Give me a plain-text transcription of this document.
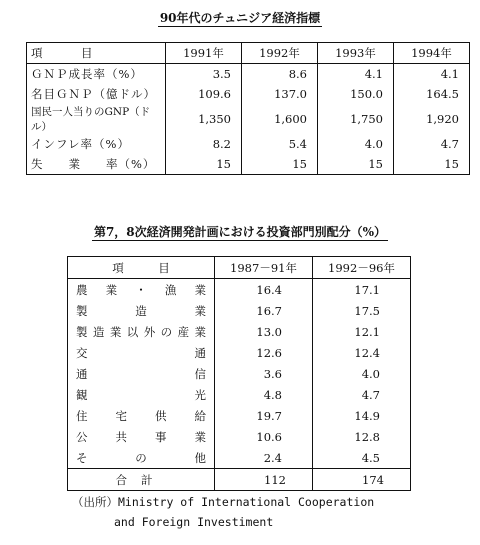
90年代のチュニジア経済指標
項　　　目	1991年	1992年	1993年	1994年
ＧＮＰ成長率（%）	3.5	8.6	4.1	4.1
名目ＧＮＰ（億ドル）	109.6	137.0	150.0	164.5
国民一人当りのGNP（ドル）	1,350	1,600	1,750	1,920
インフレ率（%）	8.2	5.4	4.0	4.7
失　　業　　率（%）	15	15	15	15
第7，8次経済開発計画における投資部門別配分（%）
項　　　目	1987－91年	1992－96年
農業・漁業	16.4	17.1
製造業	16.7	17.5
製造業以外の産業	13.0	12.1
交通	12.6	12.4
通信	3.6	4.0
観光	4.8	4.7
住宅供給	19.7	14.9
公共事業	10.6	12.8
その他	2.4	4.5
合計	112	174
（出所）Ministry of International Cooperation
and Foreign Investiment
